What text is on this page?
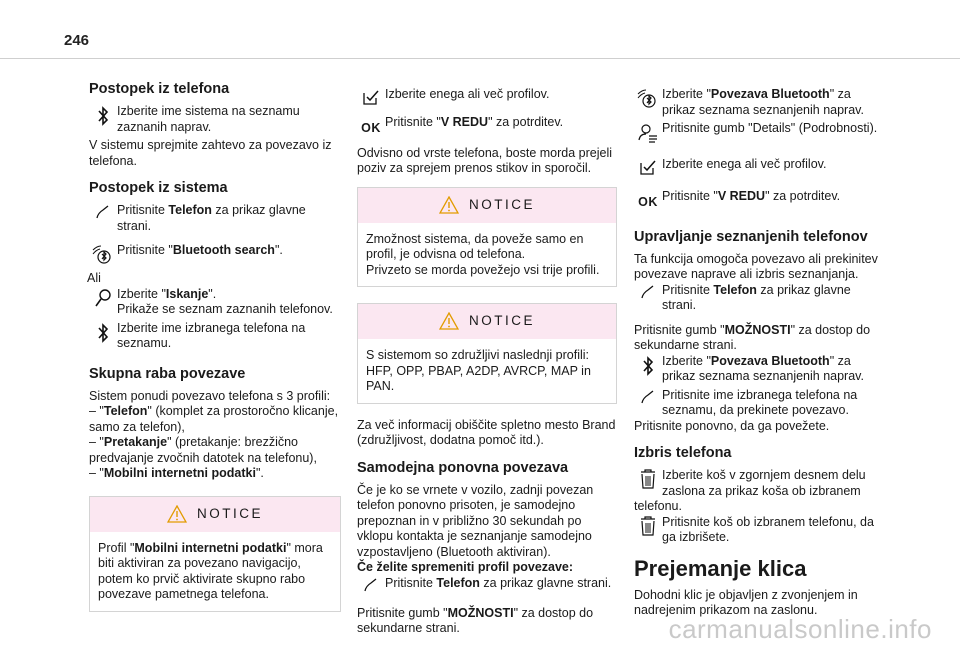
246
Postopek iz telefona
Izberite ime sistema na seznamu zaznanih naprav.

V sistemu sprejmite zahtevo za povezavo iz telefona.

Postopek iz sistema
Pritisnite Telefon za prikaz glavne strani.
Pritisnite "Bluetooth search".

Ali

Izberite "Iskanje".
Prikaže se seznam zaznanih telefonov.
Izberite ime izbranega telefona na seznamu.
Skupna raba povezave

Sistem ponudi povezavo telefona s 3 profili:

– "Telefon" (komplet za prostoročno klicanje, samo za telefon),

– "Pretakanje" (pretakanje: brezžično predvajanje zvočnih datotek na telefonu),

– "Mobilni internetni podatki".

NOTICE
Profil "Mobilni internetni podatki" mora biti aktiviran za povezano navigacijo, potem ko prvič aktivirate skupno rabo povezave pametnega telefona.
Izberite enega ali več profilov.
OK Pritisnite "V REDU" za potrditev.

Odvisno od vrste telefona, boste morda prejeli poziv za sprejem prenos stikov in sporočil.

NOTICE

Zmožnost sistema, da poveže samo en profil, je odvisna od telefona.

Privzeto se morda povežejo vsi trije profili.

NOTICE
S sistemom so združljivi naslednji profili: HFP, OPP, PBAP, A2DP, AVRCP, MAP in PAN.

Za več informacij obiščite spletno mesto Brand (združljivost, dodatna pomoč itd.).

Samodejna ponovna povezava

Če je ko se vrnete v vozilo, zadnji povezan telefon ponovno prisoten, je samodejno prepoznan in v približno 30 sekundah po vklopu kontakta je seznanjanje samodejno vzpostavljeno (Bluetooth aktiviran).

Če želite spremeniti profil povezave:

Pritisnite Telefon za prikaz glavne strani.

Pritisnite gumb "MOŽNOSTI" za dostop do sekundarne strani.

Izberite "Povezava Bluetooth" za prikaz seznama seznanjenih naprav.
Pritisnite gumb "Details" (Podrobnosti).
Izberite enega ali več profilov.
OK Pritisnite "V REDU" za potrditev.
Upravljanje seznanjenih telefonov

Ta funkcija omogoča povezavo ali prekinitev povezave naprave ali izbris seznanjanja.

Pritisnite Telefon za prikaz glavne strani.

Pritisnite gumb "MOŽNOSTI" za dostop do sekundarne strani.

Izberite "Povezava Bluetooth" za prikaz seznama seznanjenih naprav.
Pritisnite ime izbranega telefona na seznamu, da prekinete povezavo.

Pritisnite ponovno, da ga povežete.

Izbris telefona
Izberite koš v zgornjem desnem delu zaslona za prikaz koša ob izbranem

telefonu.

Pritisnite koš ob izbranem telefonu, da ga izbrišete.
Prejemanje klica

Dohodni klic je objavljen z zvonjenjem in nadrejenim prikazom na zaslonu.

carmanualsonline.info
